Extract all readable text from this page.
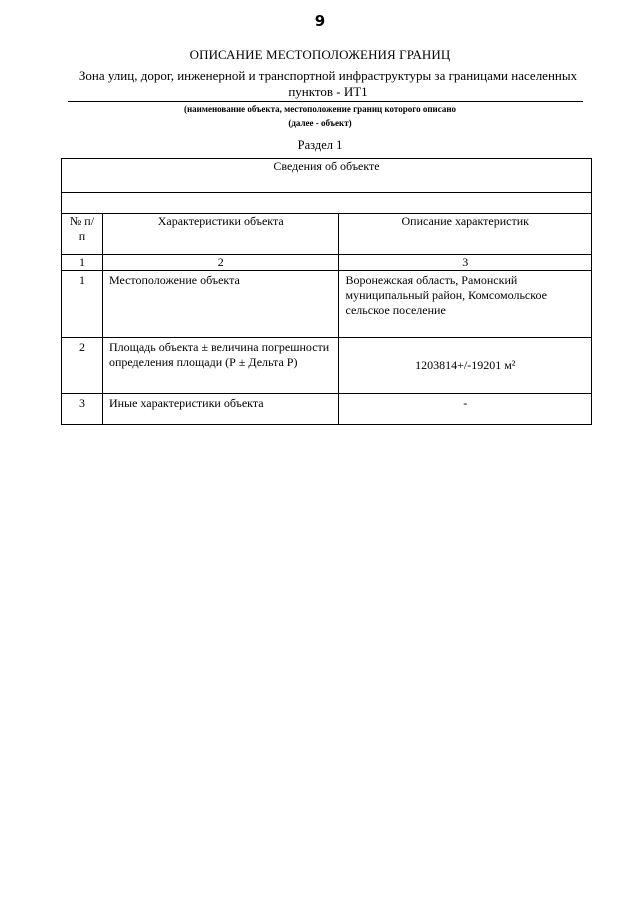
9
ОПИСАНИЕ МЕСТОПОЛОЖЕНИЯ ГРАНИЦ
Зона улиц, дорог, инженерной и транспортной инфраструктуры за границами населенных пунктов - ИТ1
(наименование объекта, местоположение границ которого описано
(далее - объект)
Раздел 1
Сведения об объекте		

№ п/п	Характеристики объекта	Описание характеристик
1	2	3
1	Местоположение объекта	Воронежская область, Рамонский муниципальный район, Комсомольское сельское поселение
2	Площадь объекта ± величина погрешности определения площади (Р ± Дельта Р)	1203814+/-19201 м²
3	Иные характеристики объекта	-
